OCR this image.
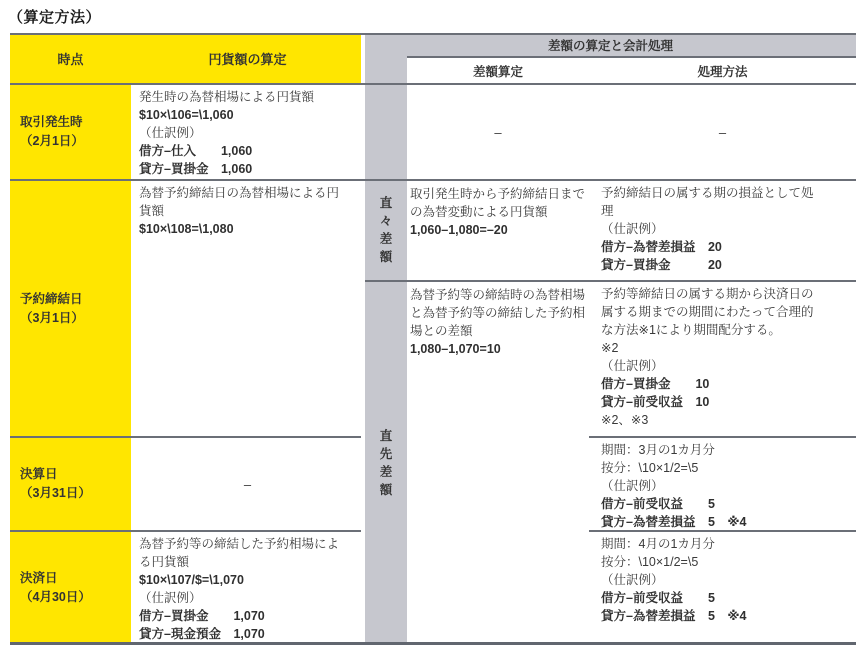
（算定方法）
時点	円貨額の算定
差額の算定と会計処理
差額算定	処理方法
取引発生時
（2月1日）
予約締結日
（3月1日）
決算日
（3月31日）
決済日
（4月30日）
発生時の為替相場による円貨額
$10×\106=\1,060
（仕訳例）
借方–仕入　　1,060
貸方–買掛金　1,060
為替予約締結日の為替相場による円
貨額
$10×\108=\1,080
–
為替予約等の締結した予約相場によ
る円貨額
$10×\107/$=\1,070
（仕訳例）
借方–買掛金　　1,070
貸方–現金預金　1,070
直
々
差
額
直
先
差
額
–
取引発生時から予約締結日まで
の為替変動による円貨額
1,060–1,080=–20
為替予約等の締結時の為替相場
と為替予約等の締結した予約相
場との差額
1,080–1,070=10
–
予約締結日の属する期の損益として処
理
（仕訳例）
借方–為替差損益　20
貸方–買掛金　　　20
予約等締結日の属する期から決済日の
属する期までの期間にわたって合理的
な方法※1により期間配分する。
※2
（仕訳例）
借方–買掛金　　10
貸方–前受収益　10
※2、※3
期間：3月の1カ月分
按分：\10×1/2=\5
（仕訳例）
借方–前受収益　　5
貸方–為替差損益　5　※4
期間：4月の1カ月分
按分：\10×1/2=\5
（仕訳例）
借方–前受収益　　5
貸方–為替差損益　5　※4
